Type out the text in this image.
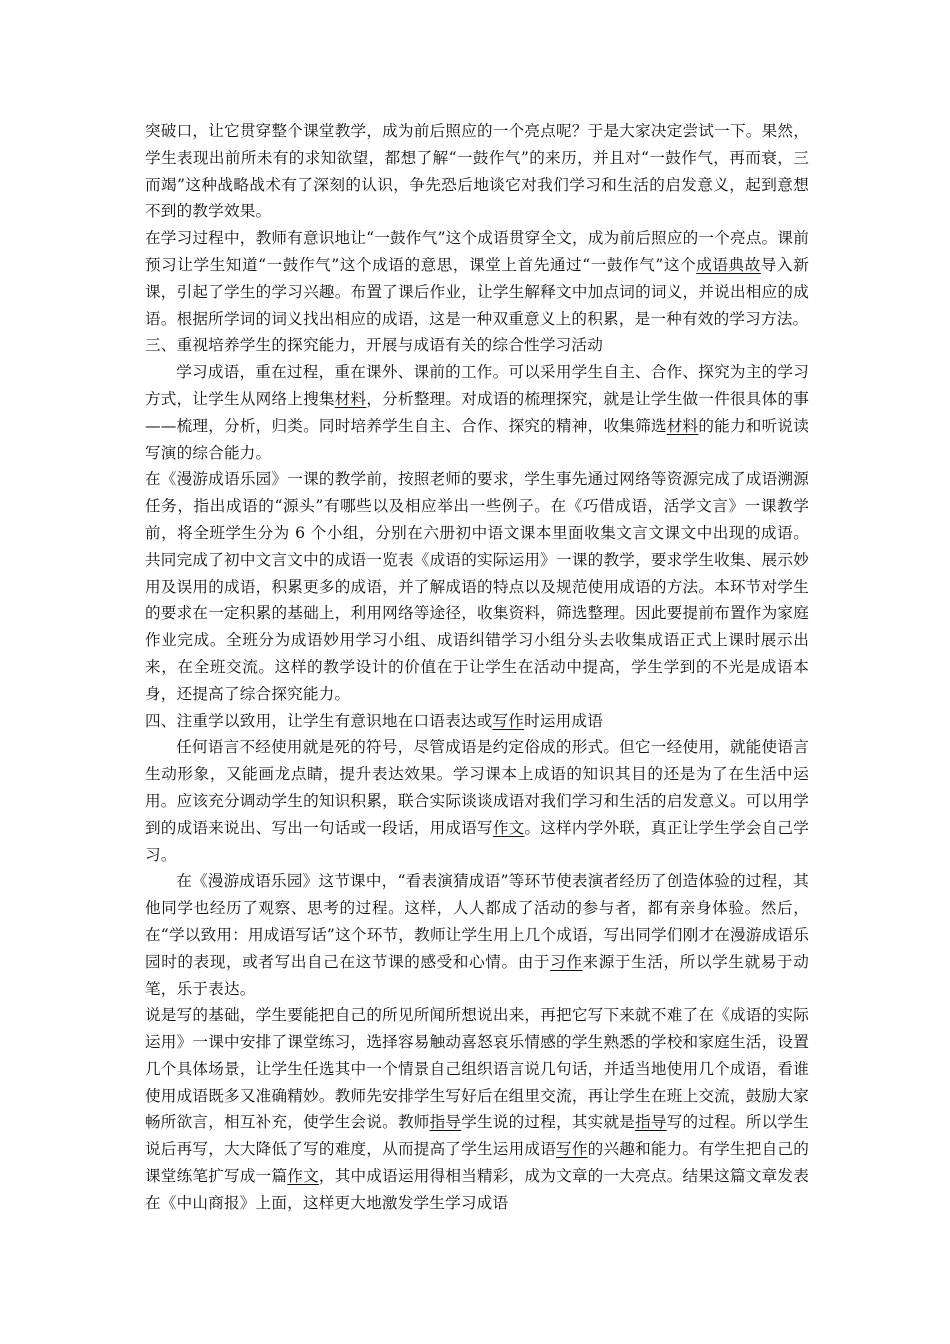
突破口，让它贯穿整个课堂教学，成为前后照应的一个亮点呢？于是大家决定尝试一下。果然，学生表现出前所未有的求知欲望，都想了解“一鼓作气”的来历，并且对“一鼓作气，再而衰，三而竭”这种战略战术有了深刻的认识，争先恐后地谈它对我们学习和生活的启发意义，起到意想不到的教学效果。

在学习过程中，教师有意识地让“一鼓作气”这个成语贯穿全文，成为前后照应的一个亮点。课前预习让学生知道“一鼓作气”这个成语的意思，课堂上首先通过“一鼓作气”这个成语典故导入新课，引起了学生的学习兴趣。布置了课后作业，让学生解释文中加点词的词义，并说出相应的成语。根据所学词的词义找出相应的成语，这是一种双重意义上的积累，是一种有效的学习方法。

三、重视培养学生的探究能力，开展与成语有关的综合性学习活动

学习成语，重在过程，重在课外、课前的工作。可以采用学生自主、合作、探究为主的学习方式，让学生从网络上搜集材料，分析整理。对成语的梳理探究，就是让学生做一件很具体的事——梳理，分析，归类。同时培养学生自主、合作、探究的精神，收集筛选材料的能力和听说读写演的综合能力。

在《漫游成语乐园》一课的教学前，按照老师的要求，学生事先通过网络等资源完成了成语溯源任务，指出成语的“源头”有哪些以及相应举出一些例子。在《巧借成语，活学文言》一课教学前，将全班学生分为 6 个小组，分别在六册初中语文课本里面收集文言文课文中出现的成语。共同完成了初中文言文中的成语一览表《成语的实际运用》一课的教学，要求学生收集、展示妙用及误用的成语，积累更多的成语，并了解成语的特点以及规范使用成语的方法。本环节对学生的要求在一定积累的基础上，利用网络等途径，收集资料，筛选整理。因此要提前布置作为家庭作业完成。全班分为成语妙用学习小组、成语纠错学习小组分头去收集成语正式上课时展示出来，在全班交流。这样的教学设计的价值在于让学生在活动中提高，学生学到的不光是成语本身，还提高了综合探究能力。

四、注重学以致用，让学生有意识地在口语表达或写作时运用成语

任何语言不经使用就是死的符号，尽管成语是约定俗成的形式。但它一经使用，就能使语言生动形象，又能画龙点睛，提升表达效果。学习课本上成语的知识其目的还是为了在生活中运用。应该充分调动学生的知识积累，联合实际谈谈成语对我们学习和生活的启发意义。可以用学到的成语来说出、写出一句话或一段话，用成语写作文。这样内学外联，真正让学生学会自己学习。

在《漫游成语乐园》这节课中，“看表演猜成语”等环节使表演者经历了创造体验的过程，其他同学也经历了观察、思考的过程。这样，人人都成了活动的参与者，都有亲身体验。然后，在“学以致用：用成语写话”这个环节，教师让学生用上几个成语，写出同学们刚才在漫游成语乐园时的表现，或者写出自己在这节课的感受和心情。由于习作来源于生活，所以学生就易于动笔，乐于表达。

说是写的基础，学生要能把自己的所见所闻所想说出来，再把它写下来就不难了在《成语的实际运用》一课中安排了课堂练习，选择容易触动喜怒哀乐情感的学生熟悉的学校和家庭生活，设置几个具体场景，让学生任选其中一个情景自己组织语言说几句话，并适当地使用几个成语，看谁使用成语既多又准确精妙。教师先安排学生写好后在组里交流，再让学生在班上交流，鼓励大家畅所欲言，相互补充，使学生会说。教师指导学生说的过程，其实就是指导写的过程。所以学生说后再写，大大降低了写的难度，从而提高了学生运用成语写作的兴趣和能力。有学生把自己的课堂练笔扩写成一篇作文，其中成语运用得相当精彩，成为文章的一大亮点。结果这篇文章发表在《中山商报》上面，这样更大地激发学生学习成语
